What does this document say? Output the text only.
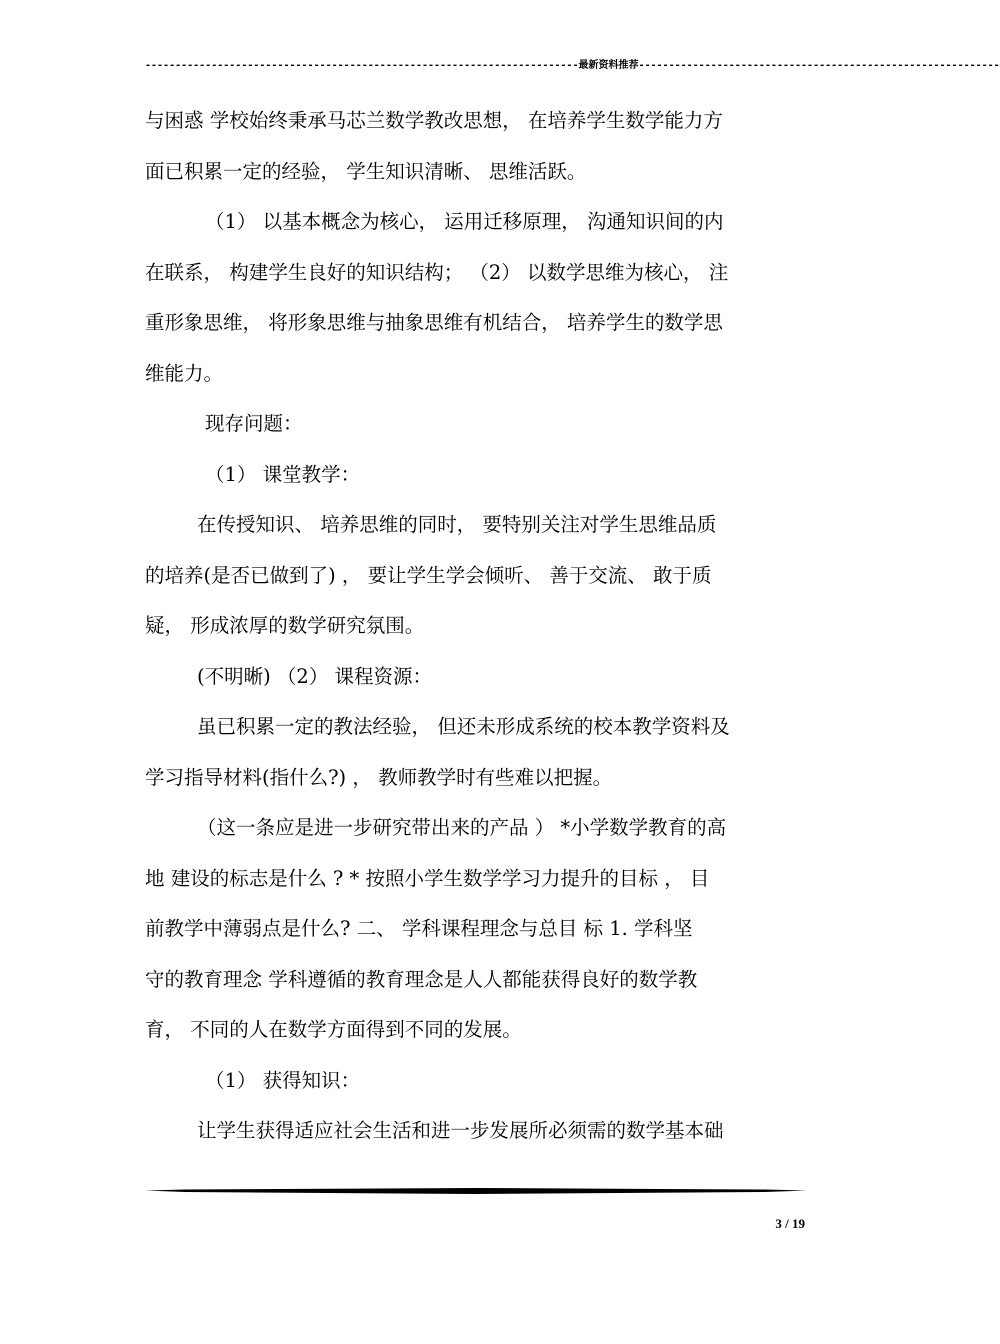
------------------------------------------------------------------------最新资料推荐------------------------------------------------------------

与困惑 学校始终秉承马芯兰数学教改思想， 在培养学生数学能力方

面已积累一定的经验， 学生知识清晰、 思维活跃。

（1） 以基本概念为核心， 运用迁移原理， 沟通知识间的内

在联系， 构建学生良好的知识结构； （2） 以数学思维为核心， 注

重形象思维， 将形象思维与抽象思维有机结合， 培养学生的数学思

维能力。

现存问题：

（1） 课堂教学：

在传授知识、 培养思维的同时， 要特别关注对学生思维品质

的培养(是否已做到了) ， 要让学生学会倾听、 善于交流、 敢于质

疑， 形成浓厚的数学研究氛围。

(不明晰) （2） 课程资源：

虽已积累一定的教法经验， 但还未形成系统的校本教学资料及

学习指导材料(指什么?) ， 教师教学时有些难以把握。

（这一条应是进一步研究带出来的产品 ） *小学数学教育的高

地 建设的标志是什么 ? * 按照小学生数学学习力提升的目标 ， 目

前教学中薄弱点是什么? 二、 学科课程理念与总目 标 1. 学科坚

守的教育理念 学科遵循的教育理念是人人都能获得良好的数学教

育， 不同的人在数学方面得到不同的发展。

（1） 获得知识：

让学生获得适应社会生活和进一步发展所必须需的数学基本础

3 / 19
